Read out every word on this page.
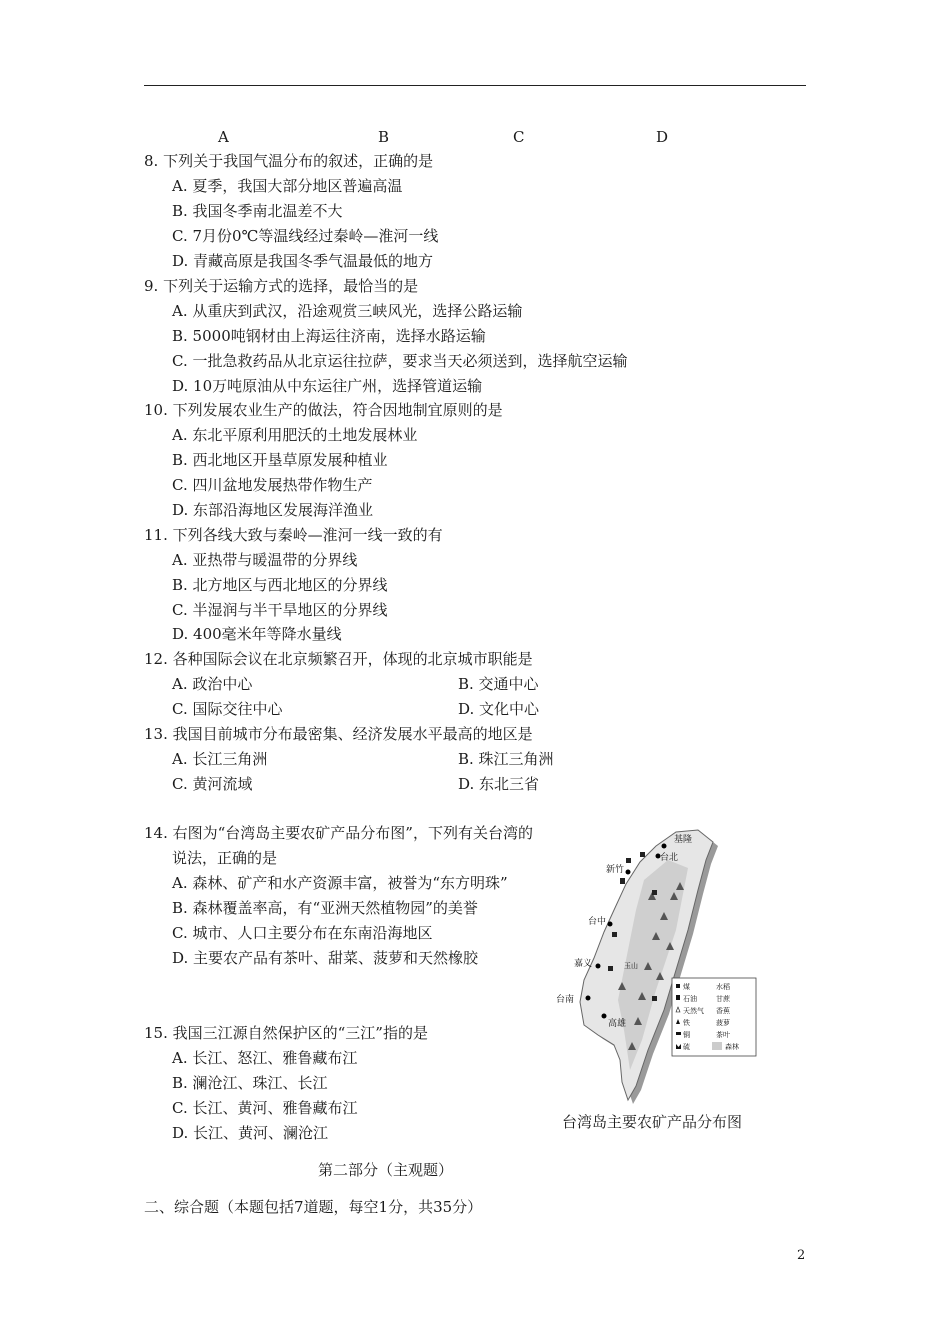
A	B	C	D
8. 下列关于我国气温分布的叙述，正确的是
A. 夏季，我国大部分地区普遍高温
B. 我国冬季南北温差不大
C. 7月份0℃等温线经过秦岭—淮河一线
D. 青藏高原是我国冬季气温最低的地方
9. 下列关于运输方式的选择，最恰当的是
A. 从重庆到武汉，沿途观赏三峡风光，选择公路运输
B. 5000吨钢材由上海运往济南，选择水路运输
C. 一批急救药品从北京运往拉萨，要求当天必须送到，选择航空运输
D. 10万吨原油从中东运往广州，选择管道运输
10. 下列发展农业生产的做法，符合因地制宜原则的是
A. 东北平原利用肥沃的土地发展林业
B. 西北地区开垦草原发展种植业
C. 四川盆地发展热带作物生产
D. 东部沿海地区发展海洋渔业
11. 下列各线大致与秦岭—淮河一线一致的有
A. 亚热带与暖温带的分界线
B. 北方地区与西北地区的分界线
C. 半湿润与半干旱地区的分界线
D. 400毫米年等降水量线
12. 各种国际会议在北京频繁召开，体现的北京城市职能是
A. 政治中心	B. 交通中心
C. 国际交往中心	D. 文化中心
13. 我国目前城市分布最密集、经济发展水平最高的地区是
A. 长江三角洲	B. 珠江三角洲
C. 黄河流域	D. 东北三省
14. 右图为“台湾岛主要农矿产品分布图”，下列有关台湾的
说法，正确的是
A. 森林、矿产和水产资源丰富，被誉为“东方明珠”
B. 森林覆盖率高，有“亚洲天然植物园”的美誉
C. 城市、人口主要分布在东南沿海地区
D. 主要农产品有茶叶、甜菜、菠萝和天然橡胶
基隆
台北
新竹
台中
嘉义	玉山
台南
高雄
煤	水稻
石油	甘蔗
天然气 香蕉
铁	菠萝
铜	茶叶
硫	森林
台湾岛主要农矿产品分布图
15. 我国三江源自然保护区的“三江”指的是
A. 长江、怒江、雅鲁藏布江
B. 澜沧江、珠江、长江
C. 长江、黄河、雅鲁藏布江
D. 长江、黄河、澜沧江
第二部分（主观题）
二、综合题（本题包括7道题，每空1分，共35分）
2
